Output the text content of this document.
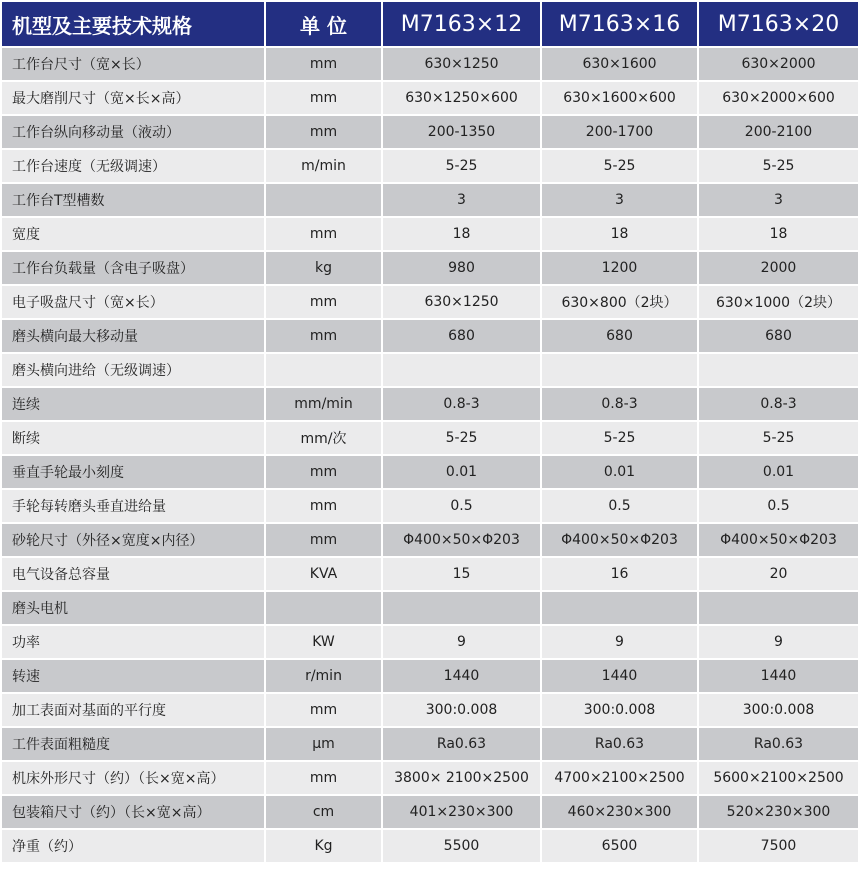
机型及主要技术规格	单 位	M7163×12	M7163×16	M7163×20
工作台尺寸（宽×长）	mm	630×1250	630×1600	630×2000
最大磨削尺寸（宽×长×高）	mm	630×1250×600	630×1600×600	630×2000×600
工作台纵向移动量（液动）	mm	200-1350	200-1700	200-2100
工作台速度（无级调速）	m/min	5-25	5-25	5-25
工作台T型槽数		3	3	3
宽度	mm	18	18	18
工作台负载量（含电子吸盘）	kg	980	1200	2000
电子吸盘尺寸（宽×长）	mm	630×1250	630×800（2块）	630×1000（2块）
磨头横向最大移动量	mm	680	680	680
磨头横向进给（无级调速）				
连续	mm/min	0.8-3	0.8-3	0.8-3
断续	mm/次	5-25	5-25	5-25
垂直手轮最小刻度	mm	0.01	0.01	0.01
手轮每转磨头垂直进给量	mm	0.5	0.5	0.5
砂轮尺寸（外径×宽度×内径）	mm	Φ400×50×Φ203	Φ400×50×Φ203	Φ400×50×Φ203
电气设备总容量	KVA	15	16	20
磨头电机				
功率	KW	9	9	9
转速	r/min	1440	1440	1440
加工表面对基面的平行度	mm	300:0.008	300:0.008	300:0.008
工件表面粗糙度	μm	Ra0.63	Ra0.63	Ra0.63
机床外形尺寸（约）（长×宽×高）	mm	3800× 2100×2500	4700×2100×2500	5600×2100×2500
包装箱尺寸（约）（长×宽×高）	cm	401×230×300	460×230×300	520×230×300
净重（约）	Kg	5500	6500	7500
